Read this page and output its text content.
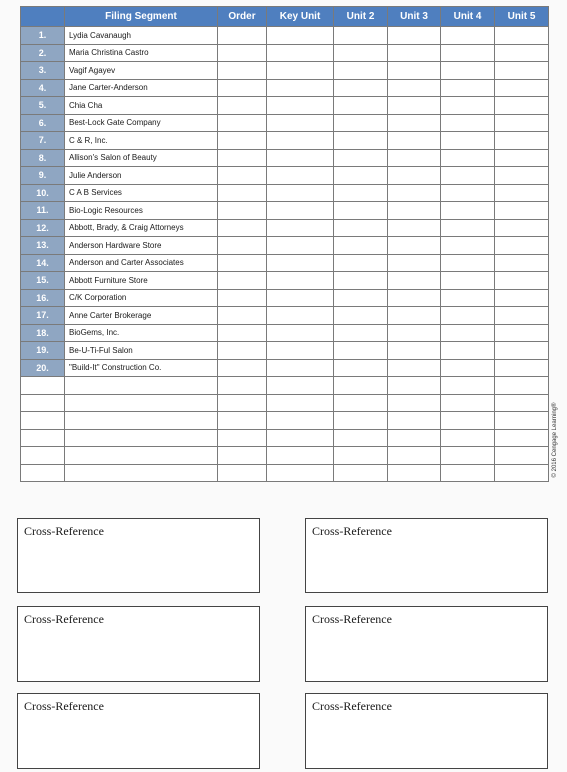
	Filing Segment	Order	Key Unit	Unit 2	Unit 3	Unit 4	Unit 5
1.	Lydia Cavanaugh						
2.	Maria Christina Castro						
3.	Vagif Agayev						
4.	Jane Carter-Anderson						
5.	Chia Cha						
6.	Best-Lock Gate Company						
7.	C & R, Inc.						
8.	Allison's Salon of Beauty						
9.	Julie Anderson						
10.	C A B Services						
11.	Bio-Logic Resources						
12.	Abbott, Brady, & Craig Attorneys						
13.	Anderson Hardware Store						
14.	Anderson and Carter Associates						
15.	Abbott Furniture Store						
16.	C/K Corporation						
17.	Anne Carter Brokerage						
18.	BioGems, Inc.						
19.	Be-U-Ti-Ful Salon						
20.	"Build-It" Construction Co.						

© 2016 Cengage Learning®
Cross-Reference	Cross-Reference
Cross-Reference	Cross-Reference
Cross-Reference	Cross-Reference
